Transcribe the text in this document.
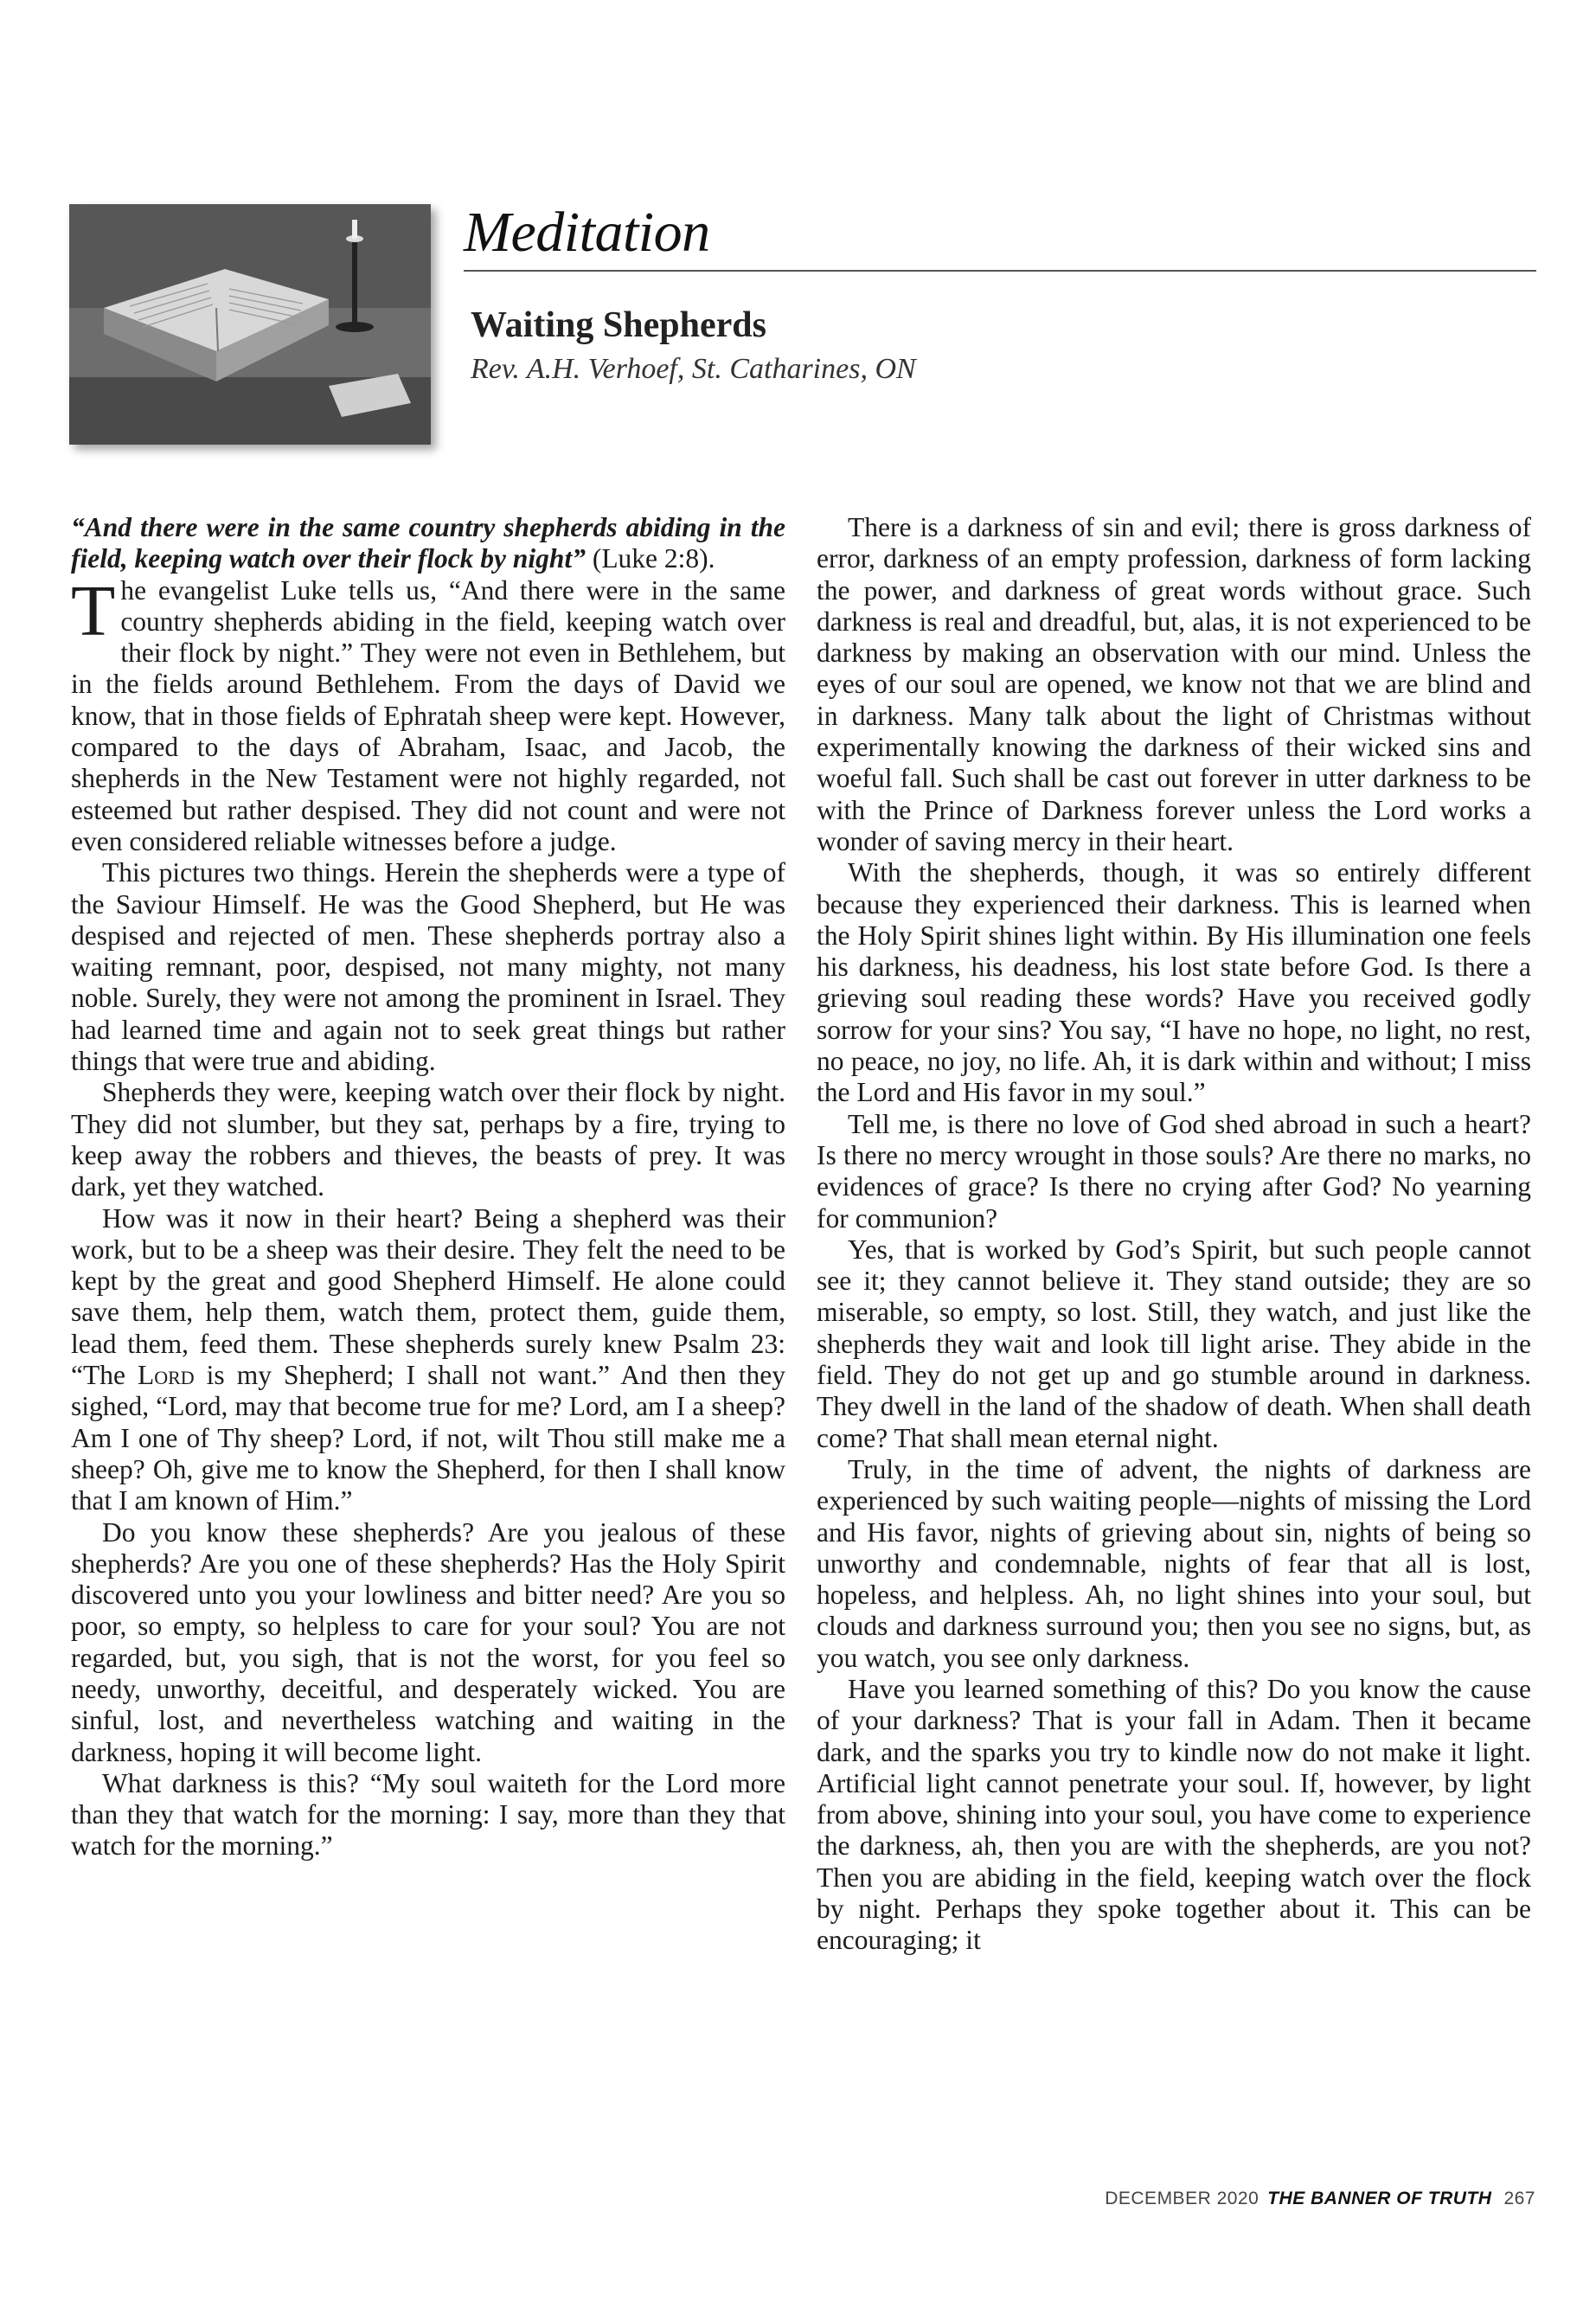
Meditation
Waiting Shepherds
Rev. A.H. Verhoef, St. Catharines, ON

“And there were in the same country shepherds abiding in the field, keeping watch over their flock by night” (Luke 2:8).

The evangelist Luke tells us, “And there were in the same country shepherds abiding in the field, keeping watch over their flock by night.” They were not even in Bethlehem, but in the fields around Bethlehem. From the days of David we know, that in those fields of Ephratah sheep were kept. However, compared to the days of Abraham, Isaac, and Jacob, the shepherds in the New Testament were not highly regarded, not esteemed but rather despised. They did not count and were not even considered reliable witnesses before a judge.

This pictures two things. Herein the shepherds were a type of the Saviour Himself. He was the Good Shepherd, but He was despised and rejected of men. These shepherds portray also a waiting remnant, poor, despised, not many mighty, not many noble. Surely, they were not among the prominent in Israel. They had learned time and again not to seek great things but rather things that were true and abiding.

Shepherds they were, keeping watch over their flock by night. They did not slumber, but they sat, perhaps by a fire, trying to keep away the robbers and thieves, the beasts of prey. It was dark, yet they watched.

How was it now in their heart? Being a shepherd was their work, but to be a sheep was their desire. They felt the need to be kept by the great and good Shepherd Himself. He alone could save them, help them, watch them, protect them, guide them, lead them, feed them. These shepherds surely knew Psalm 23: “The Lord is my Shepherd; I shall not want.” And then they sighed, “Lord, may that become true for me? Lord, am I a sheep? Am I one of Thy sheep? Lord, if not, wilt Thou still make me a sheep? Oh, give me to know the Shepherd, for then I shall know that I am known of Him.”

Do you know these shepherds? Are you jealous of these shepherds? Are you one of these shepherds? Has the Holy Spirit discovered unto you your lowliness and bitter need? Are you so poor, so empty, so helpless to care for your soul? You are not regarded, but, you sigh, that is not the worst, for you feel so needy, unworthy, deceitful, and desperately wicked. You are sinful, lost, and nevertheless watching and waiting in the darkness, hoping it will become light.

What darkness is this? “My soul waiteth for the Lord more than they that watch for the morning: I say, more than they that watch for the morning.”

There is a darkness of sin and evil; there is gross darkness of error, darkness of an empty profession, darkness of form lacking the power, and darkness of great words without grace. Such darkness is real and dreadful, but, alas, it is not experienced to be darkness by making an observation with our mind. Unless the eyes of our soul are opened, we know not that we are blind and in darkness. Many talk about the light of Christmas without experimentally knowing the darkness of their wicked sins and woeful fall. Such shall be cast out forever in utter darkness to be with the Prince of Darkness forever unless the Lord works a wonder of saving mercy in their heart.

With the shepherds, though, it was so entirely different because they experienced their darkness. This is learned when the Holy Spirit shines light within. By His illumination one feels his darkness, his deadness, his lost state before God. Is there a grieving soul reading these words? Have you received godly sorrow for your sins? You say, “I have no hope, no light, no rest, no peace, no joy, no life. Ah, it is dark within and without; I miss the Lord and His favor in my soul.”

Tell me, is there no love of God shed abroad in such a heart? Is there no mercy wrought in those souls? Are there no marks, no evidences of grace? Is there no crying after God? No yearning for communion?

Yes, that is worked by God’s Spirit, but such people cannot see it; they cannot believe it. They stand outside; they are so miserable, so empty, so lost. Still, they watch, and just like the shepherds they wait and look till light arise. They abide in the field. They do not get up and go stumble around in darkness. They dwell in the land of the shadow of death. When shall death come? That shall mean eternal night.

Truly, in the time of advent, the nights of darkness are experienced by such waiting people—nights of missing the Lord and His favor, nights of grieving about sin, nights of being so unworthy and condemnable, nights of fear that all is lost, hopeless, and helpless. Ah, no light shines into your soul, but clouds and darkness surround you; then you see no signs, but, as you watch, you see only darkness.

Have you learned something of this? Do you know the cause of your darkness? That is your fall in Adam. Then it became dark, and the sparks you try to kindle now do not make it light. Artificial light cannot penetrate your soul. If, however, by light from above, shining into your soul, you have come to experience the darkness, ah, then you are with the shepherds, are you not? Then you are abiding in the field, keeping watch over the flock by night. Perhaps they spoke together about it. This can be encouraging; it

DECEMBER 2020 THE BANNER OF TRUTH 267
